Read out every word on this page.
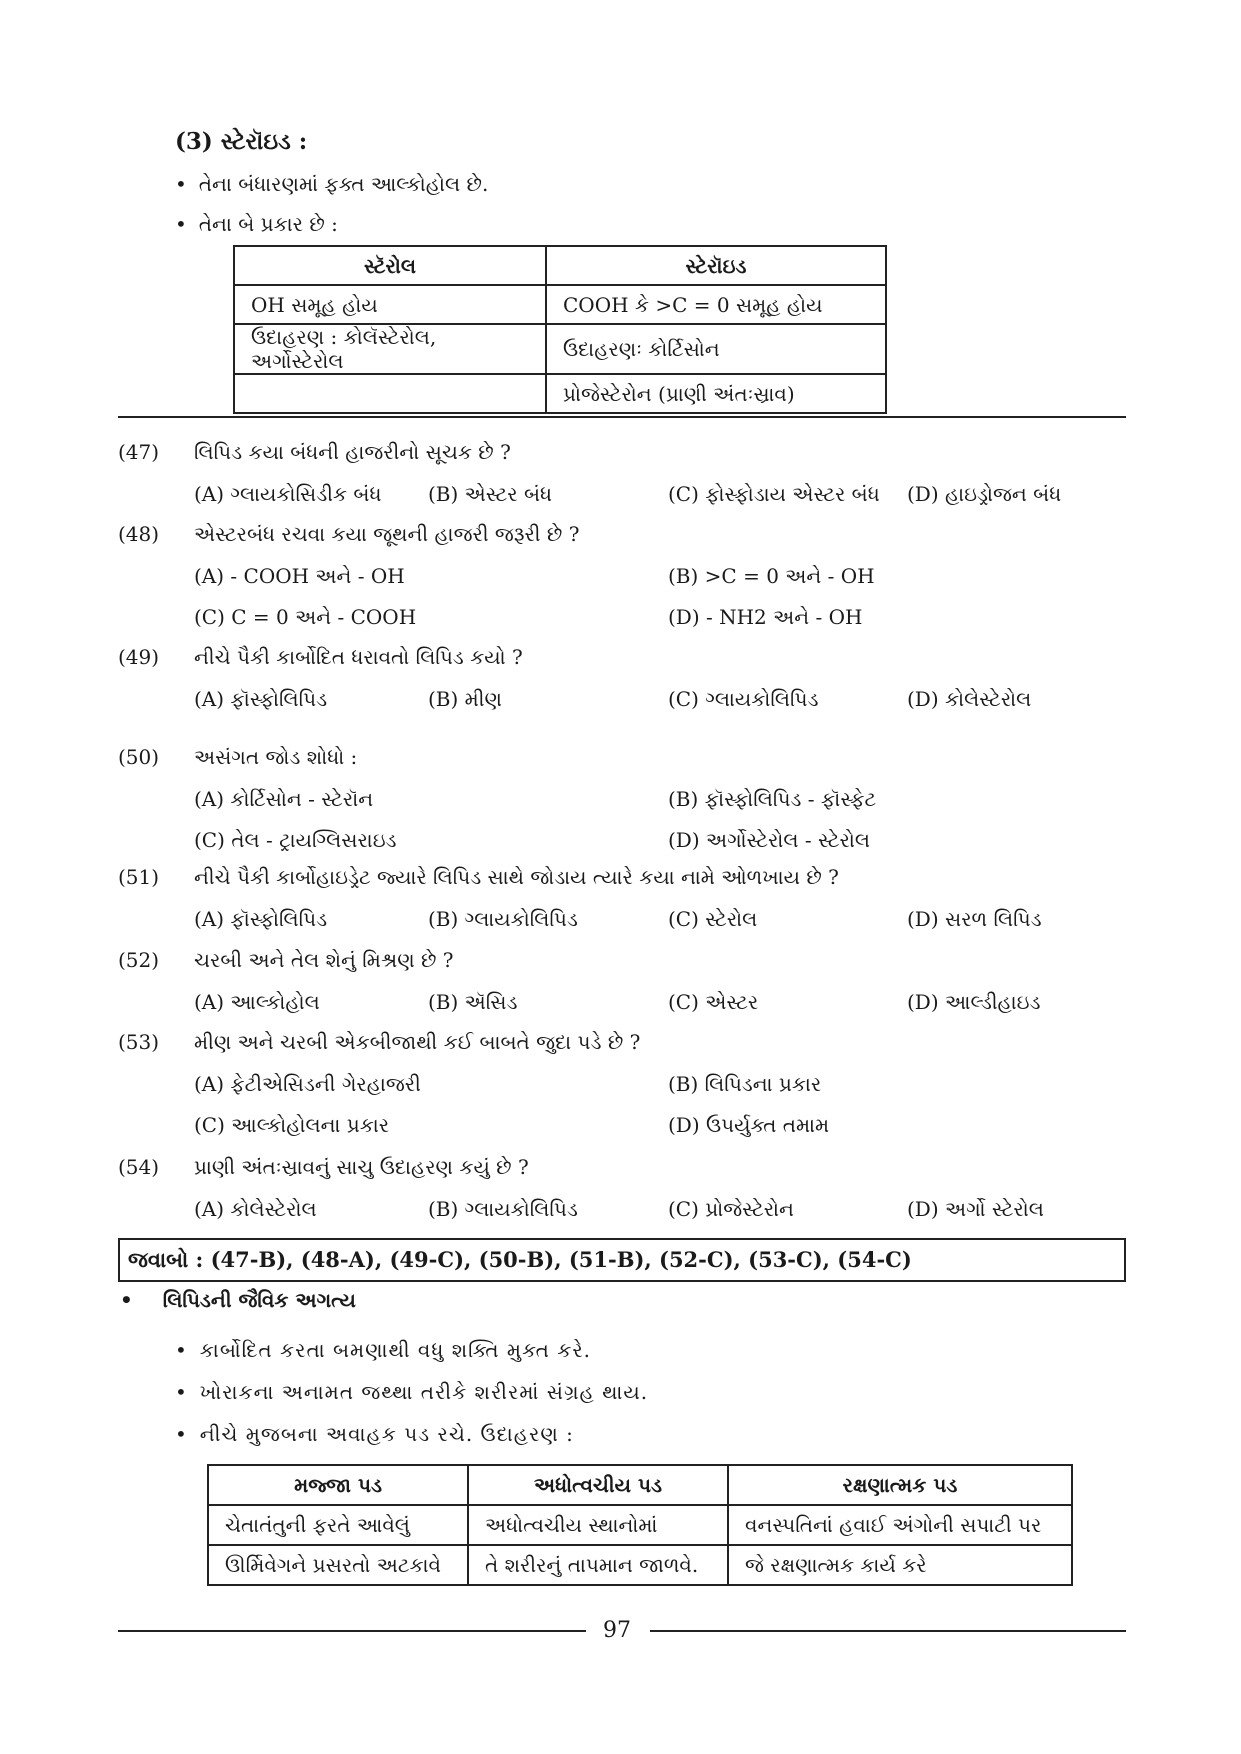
(3) સ્ટેરૉઇડ :
• તેના બંધારણમાં ફક્ત આલ્કોહોલ છે.
• તેના બે પ્રકાર છે :
સ્ટૅરોલ	સ્ટેરૉઇડ
OH સમૂહ હોય	COOH કે >C = 0 સમૂહ હોય
ઉદાહરણ : કોલૅસ્ટેરોલ, અર્ગોસ્ટેરોલ	ઉદાહરણઃ કોર્ટિસોન
	પ્રોજેસ્ટેરોન (પ્રાણી અંતઃસ્રાવ)
(47) લિપિડ કયા બંધની હાજરીનો સૂચક છે ?
(A) ગ્લાયકોસિડીક બંધ (B) એસ્ટર બંધ	(C) ફોસ્ફોડાય એસ્ટર બંધ (D) હાઇડ્રોજન બંધ
(48) એસ્ટરબંધ રચવા કયા જૂથની હાજરી જરૂરી છે ?
(A) - COOH અને - OH	(B) >C = 0 અને - OH
(C) C = 0 અને - COOH	(D) - NH2 અને - OH
(49) નીચે પૈકી કાર્બોદિત ધરાવતો લિપિડ કયો ?
(A) ફૉસ્ફોલિપિડ	(B) મીણ	(C) ગ્લાયકોલિપિડ	(D) કોલેસ્ટેરોલ
(50) અસંગત જોડ શોધો :
(A) કોર્ટિસોન - સ્ટેરૉન	(B) ફૉસ્ફોલિપિડ - ફૉસ્ફેટ
(C) તેલ - ટ્રાયગ્લિસરાઇડ	(D) અર્ગોસ્ટેરોલ - સ્ટેરોલ
(51) નીચે પૈકી કાર્બોહાઇડ્રેટ જ્યારે લિપિડ સાથે જોડાય ત્યારે કયા નામે ઓળખાય છે ?
(A) ફૉસ્ફોલિપિડ	(B) ગ્લાયકોલિપિડ	(C) સ્ટેરોલ	(D) સરળ લિપિડ
(52) ચરબી અને તેલ શેનું મિશ્રણ છે ?
(A) આલ્કોહોલ	(B) ઍસિડ	(C) એસ્ટર	(D) આલ્ડીહાઇડ
(53) મીણ અને ચરબી એકબીજાથી કઈ બાબતે જુદા પડે છે ?
(A) ફેટીએસિડની ગેરહાજરી	(B) લિપિડના પ્રકાર
(C) આલ્કોહોલના પ્રકાર	(D) ઉપર્યુક્ત તમામ
(54) પ્રાણી અંતઃસ્રાવનું સાચુ ઉદાહરણ કયું છે ?
(A) કોલેસ્ટેરોલ	(B) ગ્લાયકોલિપિડ	(C) પ્રોજેસ્ટેરોન	(D) અર્ગો સ્ટેરોલ
જવાબો : (47-B), (48-A), (49-C), (50-B), (51-B), (52-C), (53-C), (54-C)
• લિપિડની જૈવિક અગત્ય
• કાર્બોદિત કરતા બમણાથી વધુ શક્તિ મુક્ત કરે.
• ખોરાકના અનામત જથ્થા તરીકે શરીરમાં સંગ્રહ થાય.
• નીચે મુજબના અવાહક પડ રચે. ઉદાહરણ :
મજ્જા પડ	અધોત્વચીય પડ	રક્ષણાત્મક પડ
ચેતાતંતુની ફરતે આવેલું	અધોત્વચીય સ્થાનોમાં	વનસ્પતિનાં હવાઈ અંગોની સપાટી પર
ઊર્મિવેગને પ્રસરતો અટકાવે	તે શરીરનું તાપમાન જાળવે.	જે રક્ષણાત્મક કાર્ય કરે
97
